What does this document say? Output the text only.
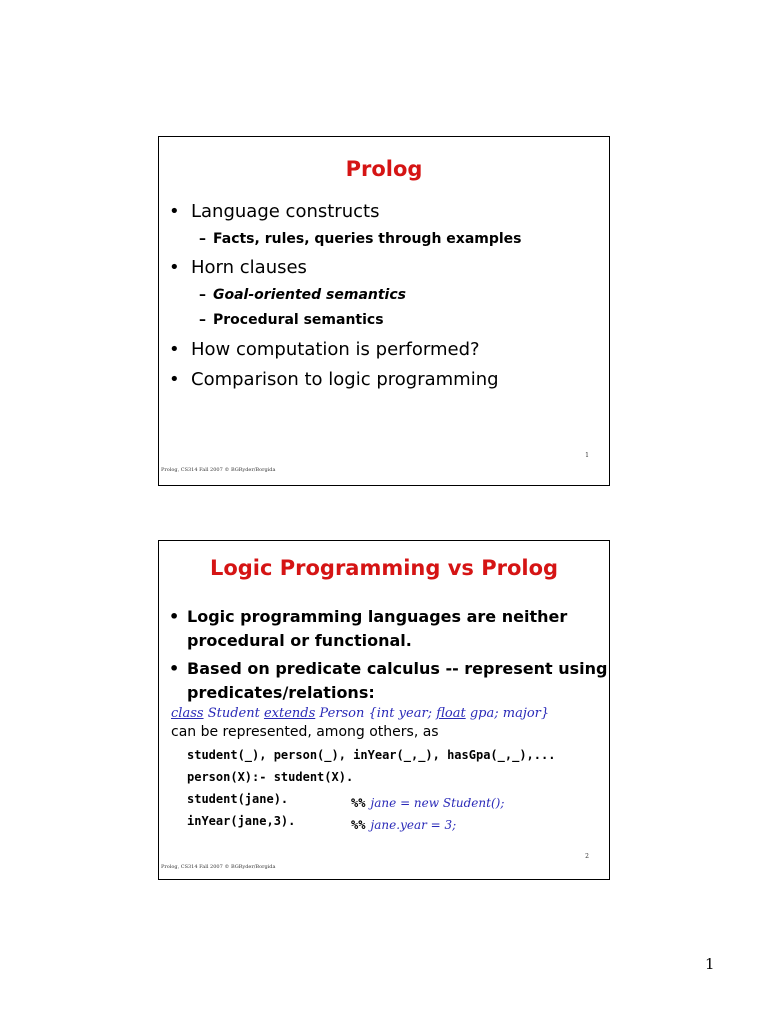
Prolog
• Language constructs
– Facts, rules, queries through examples
• Horn clauses
– Goal-oriented semantics
– Procedural semantics
• How computation is performed?
• Comparison to logic programming
1
Prolog, CS314 Fall 2007 © BGRyder/Borgida
Logic Programming vs Prolog
• Logic programming languages are neither
procedural or functional.
• Based on predicate calculus -- represent using
predicates/relations:
class Student extends Person {int year; float gpa; major}
can be represented, among others, as
student(_), person(_), inYear(_,_), hasGpa(_,_),...
person(X):- student(X).
student(jane).	%% jane = new Student();
inYear(jane,3).	%% jane.year = 3;
2
Prolog, CS314 Fall 2007 © BGRyder/Borgida
1
